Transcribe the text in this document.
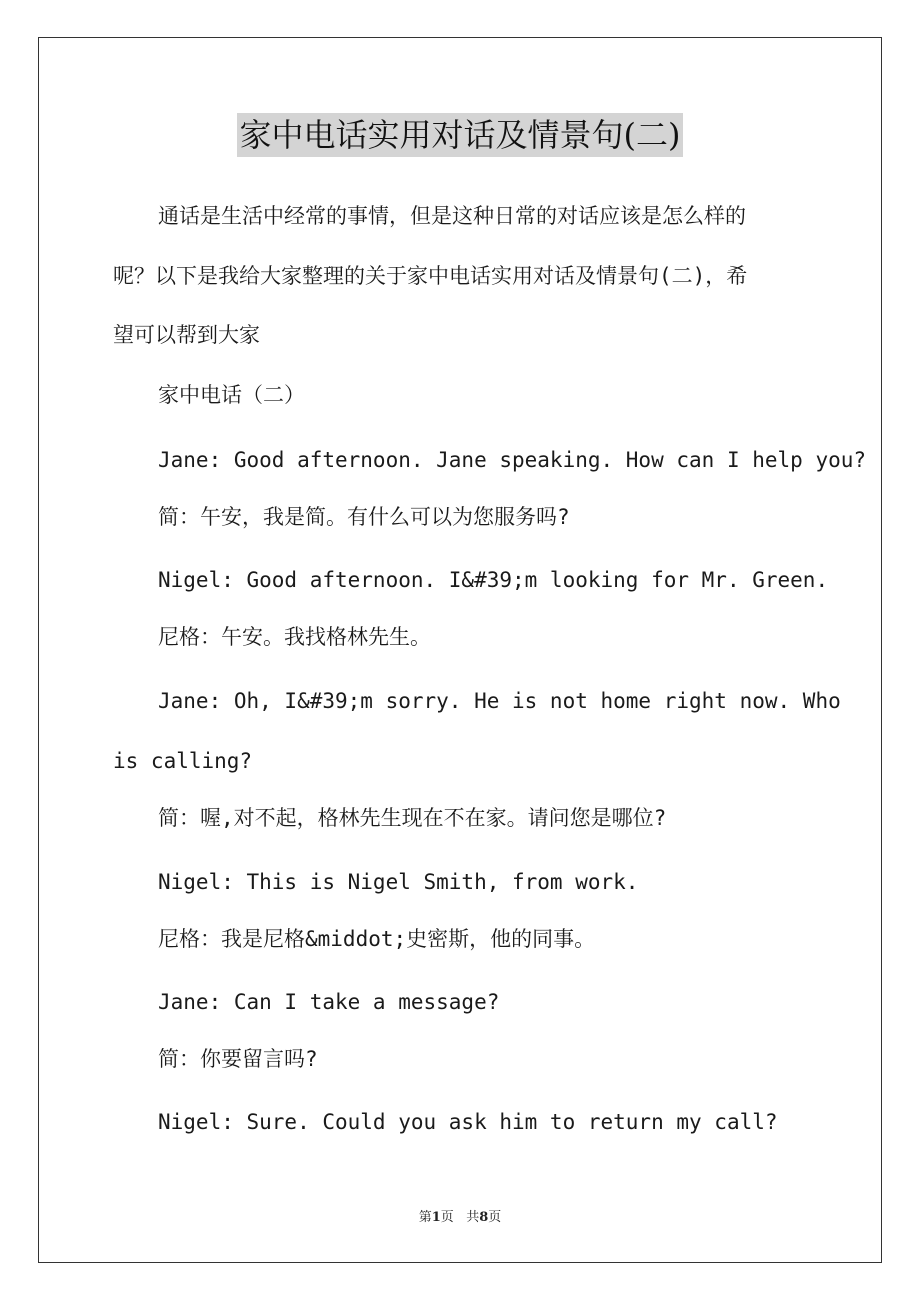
家中电话实用对话及情景句(二)
通话是生活中经常的事情，但是这种日常的对话应该是怎么样的
呢？以下是我给大家整理的关于家中电话实用对话及情景句(二)，希
望可以帮到大家
家中电话（二）
Jane: Good afternoon. Jane speaking. How can I help you?
简：午安，我是简。有什么可以为您服务吗?
Nigel: Good afternoon. I&#39;m looking for Mr. Green.
尼格：午安。我找格林先生。
Jane: Oh, I&#39;m sorry. He is not home right now. Who
is calling?
简：喔,对不起，格林先生现在不在家。请问您是哪位?
Nigel: This is Nigel Smith, from work.
尼格：我是尼格&middot;史密斯，他的同事。
Jane: Can I take a message?
简：你要留言吗?
Nigel: Sure. Could you ask him to return my call?
第1页   共8页
